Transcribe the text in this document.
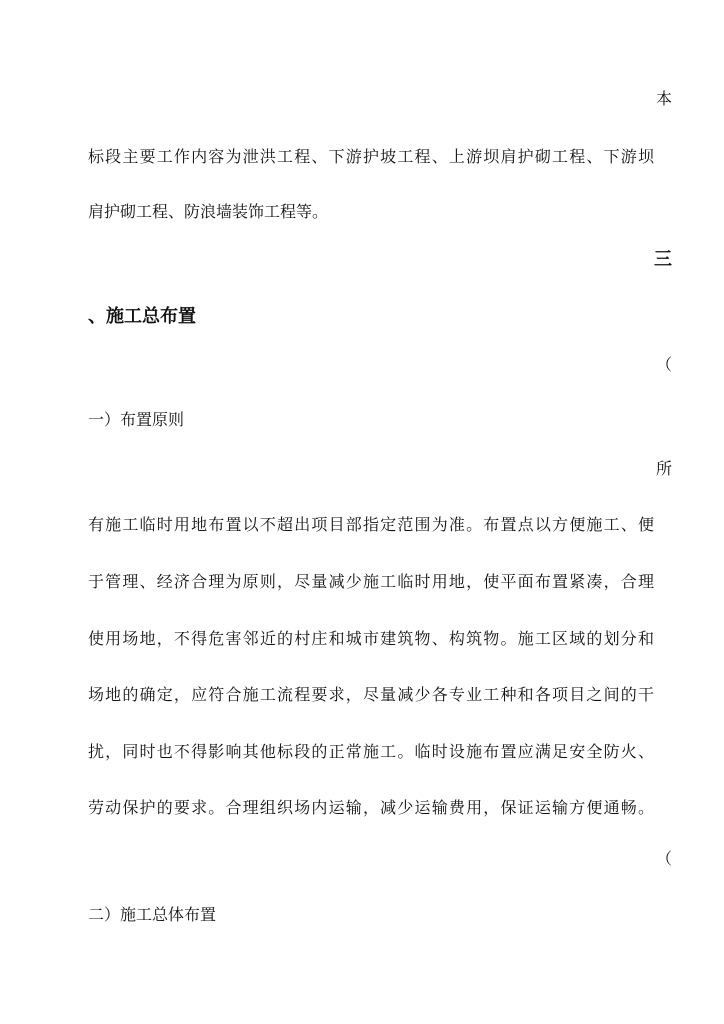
本
标段主要工作内容为泄洪工程、下游护坡工程、上游坝肩护砌工程、下游坝
肩护砌工程、防浪墙装饰工程等。
三
、施工总布置
（
一）布置原则
所
有施工临时用地布置以不超出项目部指定范围为准。布置点以方便施工、便
于管理、经济合理为原则，尽量减少施工临时用地，使平面布置紧凑，合理
使用场地，不得危害邻近的村庄和城市建筑物、构筑物。施工区域的划分和
场地的确定，应符合施工流程要求，尽量减少各专业工种和各项目之间的干
扰，同时也不得影响其他标段的正常施工。临时设施布置应满足安全防火、
劳动保护的要求。合理组织场内运输，减少运输费用，保证运输方便通畅。
（
二）施工总体布置
